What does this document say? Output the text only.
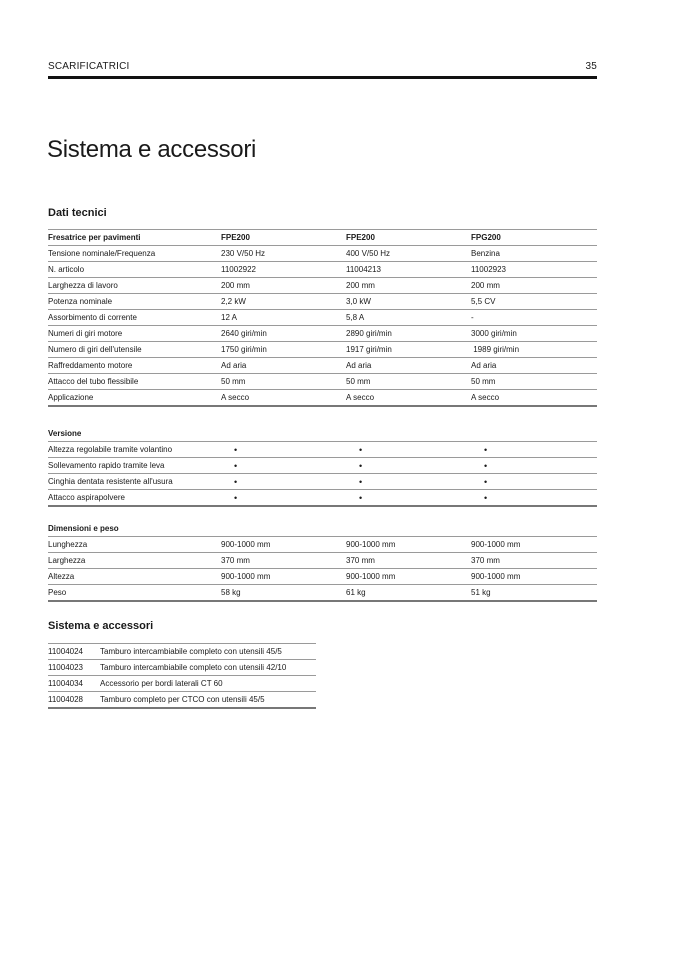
SCARIFICATRICI	35
Sistema e accessori
Dati tecnici
Fresatrice per pavimenti	FPE200	FPE200	FPG200
Tensione nominale/Frequenza	230 V/50 Hz	400 V/50 Hz	Benzina
N. articolo	11002922	11004213	11002923
Larghezza di lavoro	200 mm	200 mm	200 mm
Potenza nominale	2,2 kW	3,0 kW	5,5 CV
Assorbimento di corrente	12 A	5,8 A	-
Numeri di giri motore	2640 giri/min	2890 giri/min	3000 giri/min
Numero di giri dell'utensile	1750 giri/min	1917 giri/min	1989 giri/min
Raffreddamento motore	Ad aria	Ad aria	Ad aria
Attacco del tubo flessibile	50 mm	50 mm	50 mm
Applicazione	A secco	A secco	A secco
Versione			
Altezza regolabile tramite volantino	•	•	•
Sollevamento rapido tramite leva	•	•	•
Cinghia dentata resistente all'usura	•	•	•
Attacco aspirapolvere	•	•	•
Dimensioni e peso			
Lunghezza	900-1000 mm	900-1000 mm	900-1000 mm
Larghezza	370 mm	370 mm	370 mm
Altezza	900-1000 mm	900-1000 mm	900-1000 mm
Peso	58 kg	61 kg	51 kg
Sistema e accessori
11004024	Tamburo intercambiabile completo con utensili 45/5
11004023	Tamburo intercambiabile completo con utensili 42/10
11004034	Accessorio per bordi laterali CT 60
11004028	Tamburo completo per CTCO con utensili 45/5
